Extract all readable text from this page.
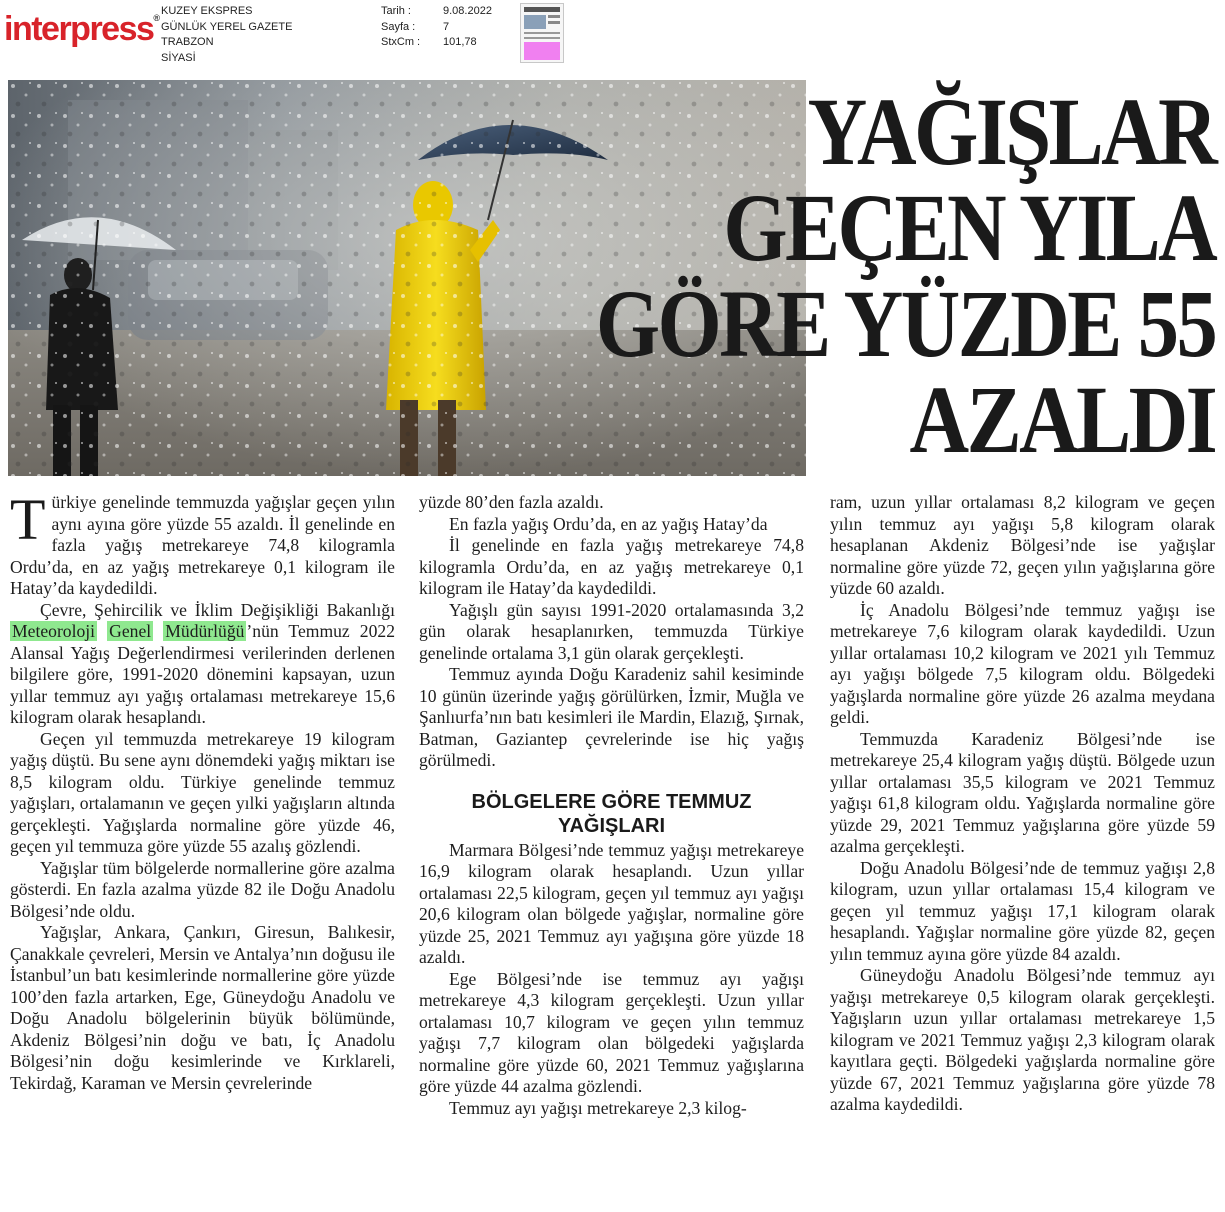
interpress®
KUZEY EKSPRES
GÜNLÜK YEREL GAZETE
TRABZON
SİYASİ
Tarih :	9.08.2022
Sayfa :	7
StxCm :	101,78
YAĞIŞLAR
GEÇEN YILA
GÖRE YÜZDE 55
AZALDI

Türkiye genelinde temmuzda yağışlar geçen yılın aynı ayına göre yüzde 55 azaldı. İl genelinde en fazla yağış metrekareye 74,8 kilogramla Ordu’da, en az yağış metrekareye 0,1 kilogram ile Hatay’da kaydedildi.

Çevre, Şehircilik ve İklim Değişikliği Bakanlığı Meteoroloji Genel Müdürlüğü ’nün Temmuz 2022 Alansal Yağış Değerlendirmesi verilerinden derlenen bilgilere göre, 1991-2020 dönemini kapsayan, uzun yıllar temmuz ayı yağış ortalaması metrekareye 15,6 kilogram olarak hesaplandı.

Geçen yıl temmuzda metrekareye 19 kilogram yağış düştü. Bu sene aynı dönemdeki yağış miktarı ise 8,5 kilogram oldu. Türkiye genelinde temmuz yağışları, ortalamanın ve geçen yılki yağışların altında gerçekleşti. Yağışlarda normaline göre yüzde 46, geçen yıl temmuza göre yüzde 55 azalış gözlendi.

Yağışlar tüm bölgelerde normallerine göre azalma gösterdi. En fazla azalma yüzde 82 ile Doğu Anadolu Bölgesi’nde oldu.

Yağışlar, Ankara, Çankırı, Giresun, Balıkesir, Çanakkale çevreleri, Mersin ve Antalya’nın doğusu ile İstanbul’un batı kesimlerinde normallerine göre yüzde 100’den fazla artarken, Ege, Güneydoğu Anadolu ve Doğu Anadolu bölgelerinin büyük bölümünde, Akdeniz Bölgesi’nin doğu ve batı, İç Anadolu Bölgesi’nin doğu kesimlerinde ve Kırklareli, Tekirdağ, Karaman ve Mersin çevrelerinde

yüzde 80’den fazla azaldı.

En fazla yağış Ordu’da, en az yağış Hatay’da

İl genelinde en fazla yağış metrekareye 74,8 kilogramla Ordu’da, en az yağış metrekareye 0,1 kilogram ile Hatay’da kaydedildi.

Yağışlı gün sayısı 1991-2020 ortalamasında 3,2 gün olarak hesaplanırken, temmuzda Türkiye genelinde ortalama 3,1 gün olarak gerçekleşti.

Temmuz ayında Doğu Karadeniz sahil kesiminde 10 günün üzerinde yağış görülürken, İzmir, Muğla ve Şanlıurfa’nın batı kesimleri ile Mardin, Elazığ, Şırnak, Batman, Gaziantep çevrelerinde ise hiç yağış görülmedi.

BÖLGELERE GÖRE TEMMUZ YAĞIŞLARI

Marmara Bölgesi’nde temmuz yağışı metrekareye 16,9 kilogram olarak hesaplandı. Uzun yıllar ortalaması 22,5 kilogram, geçen yıl temmuz ayı yağışı 20,6 kilogram olan bölgede yağışlar, normaline göre yüzde 25, 2021 Temmuz ayı yağışına göre yüzde 18 azaldı.

Ege Bölgesi’nde ise temmuz ayı yağışı metrekareye 4,3 kilogram gerçekleşti. Uzun yıllar ortalaması 10,7 kilogram ve geçen yılın temmuz yağışı 7,7 kilogram olan bölgedeki yağışlarda normaline göre yüzde 60, 2021 Temmuz yağışlarına göre yüzde 44 azalma gözlendi.

Temmuz ayı yağışı metrekareye 2,3 kilog-

ram, uzun yıllar ortalaması 8,2 kilogram ve geçen yılın temmuz ayı yağışı 5,8 kilogram olarak hesaplanan Akdeniz Bölgesi’nde ise yağışlar normaline göre yüzde 72, geçen yılın yağışlarına göre yüzde 60 azaldı.

İç Anadolu Bölgesi’nde temmuz yağışı ise metrekareye 7,6 kilogram olarak kaydedildi. Uzun yıllar ortalaması 10,2 kilogram ve 2021 yılı Temmuz ayı yağışı bölgede 7,5 kilogram oldu. Bölgedeki yağışlarda normaline göre yüzde 26 azalma meydana geldi.

Temmuzda Karadeniz Bölgesi’nde ise metrekareye 25,4 kilogram yağış düştü. Bölgede uzun yıllar ortalaması 35,5 kilogram ve 2021 Temmuz yağışı 61,8 kilogram oldu. Yağışlarda normaline göre yüzde 29, 2021 Temmuz yağışlarına göre yüzde 59 azalma gerçekleşti.

Doğu Anadolu Bölgesi’nde de temmuz yağışı 2,8 kilogram, uzun yıllar ortalaması 15,4 kilogram ve geçen yıl temmuz yağışı 17,1 kilogram olarak hesaplandı. Yağışlar normaline göre yüzde 82, geçen yılın temmuz ayına göre yüzde 84 azaldı.

Güneydoğu Anadolu Bölgesi’nde temmuz ayı yağışı metrekareye 0,5 kilogram olarak gerçekleşti. Yağışların uzun yıllar ortalaması metrekareye 1,5 kilogram ve 2021 Temmuz yağışı 2,3 kilogram olarak kayıtlara geçti. Bölgedeki yağışlarda normaline göre yüzde 67, 2021 Temmuz yağışlarına göre yüzde 78 azalma kaydedildi.
